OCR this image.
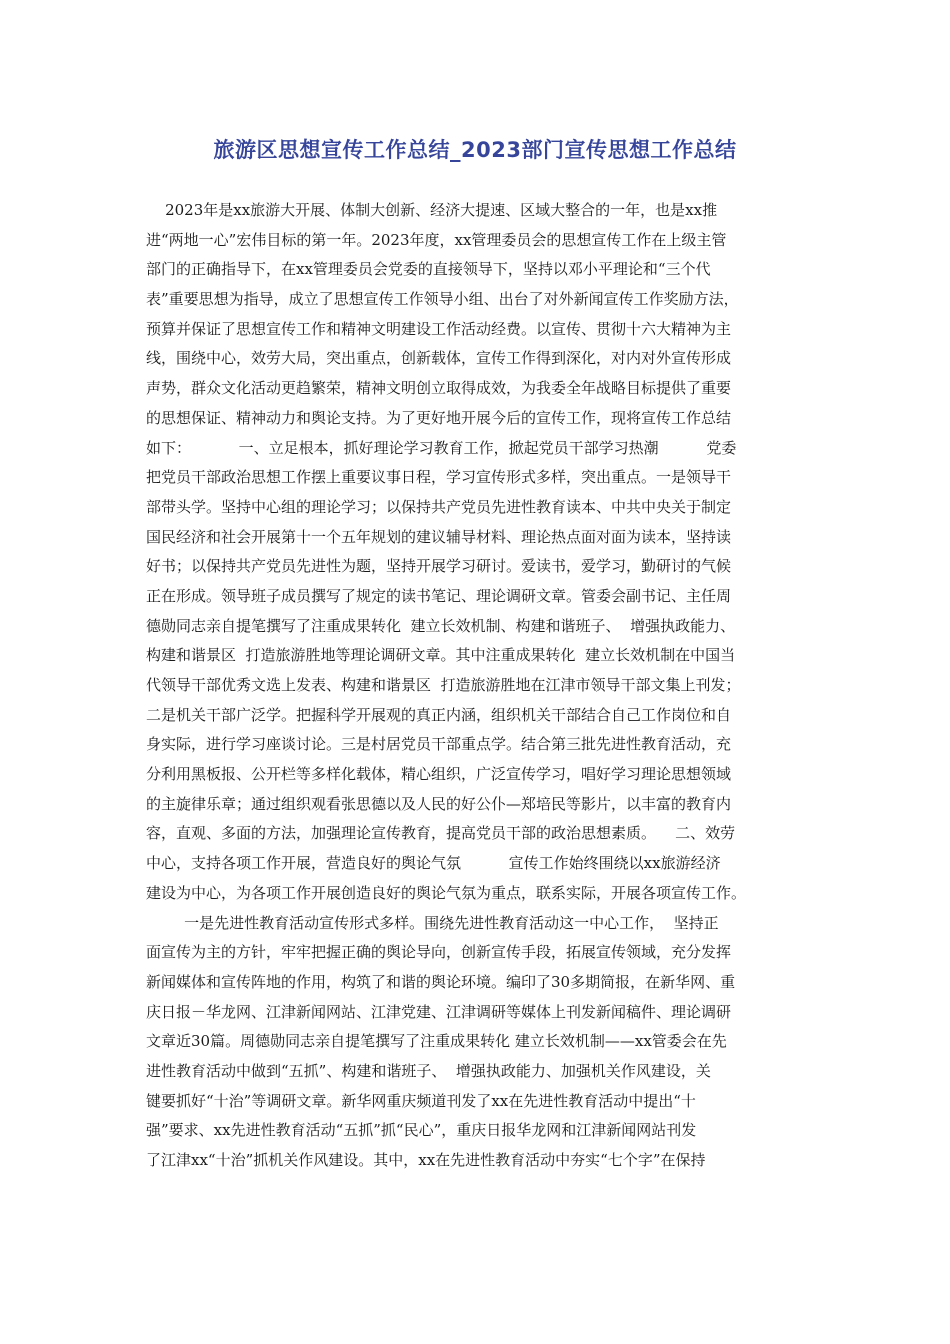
旅游区思想宣传工作总结_2023部门宣传思想工作总结
2023年是xx旅游大开展、体制大创新、经济大提速、区域大整合的一年，也是xx推
进“两地一心”宏伟目标的第一年。2023年度，xx管理委员会的思想宣传工作在上级主管
部门的正确指导下，在xx管理委员会党委的直接领导下，坚持以邓小平理论和“三个代
表”重要思想为指导，成立了思想宣传工作领导小组、出台了对外新闻宣传工作奖励方法，
预算并保证了思想宣传工作和精神文明建设工作活动经费。以宣传、贯彻十六大精神为主
线，围绕中心，效劳大局，突出重点，创新载体，宣传工作得到深化，对内对外宣传形成
声势，群众文化活动更趋繁荣，精神文明创立取得成效，为我委全年战略目标提供了重要
的思想保证、精神动力和舆论支持。为了更好地开展今后的宣传工作，现将宣传工作总结
如下：          一、立足根本，抓好理论学习教育工作，掀起党员干部学习热潮          党委
把党员干部政治思想工作摆上重要议事日程，学习宣传形式多样，突出重点。一是领导干
部带头学。坚持中心组的理论学习；以保持共产党员先进性教育读本、中共中央关于制定
国民经济和社会开展第十一个五年规划的建议辅导材料、理论热点面对面为读本，坚持读
好书；以保持共产党员先进性为题，坚持开展学习研讨。爱读书，爱学习，勤研讨的气候
正在形成。领导班子成员撰写了规定的读书笔记、理论调研文章。管委会副书记、主任周
德勋同志亲自提笔撰写了注重成果转化  建立长效机制、构建和谐班子、  增强执政能力、
构建和谐景区  打造旅游胜地等理论调研文章。其中注重成果转化  建立长效机制在中国当
代领导干部优秀文选上发表、构建和谐景区  打造旅游胜地在江津市领导干部文集上刊发；
二是机关干部广泛学。把握科学开展观的真正内涵，组织机关干部结合自己工作岗位和自
身实际，进行学习座谈讨论。三是村居党员干部重点学。结合第三批先进性教育活动，充
分利用黑板报、公开栏等多样化载体，精心组织，广泛宣传学习，唱好学习理论思想领域
的主旋律乐章；通过组织观看张思德以及人民的好公仆—郑培民等影片，以丰富的教育内
容，直观、多面的方法，加强理论宣传教育，提高党员干部的政治思想素质。    二、效劳
中心，支持各项工作开展，营造良好的舆论气氛          宣传工作始终围绕以xx旅游经济
建设为中心，为各项工作开展创造良好的舆论气氛为重点，联系实际，开展各项宣传工作。
一是先进性教育活动宣传形式多样。围绕先进性教育活动这一中心工作，  坚持正
面宣传为主的方针，牢牢把握正确的舆论导向，创新宣传手段，拓展宣传领域，充分发挥
新闻媒体和宣传阵地的作用，构筑了和谐的舆论环境。编印了30多期简报，在新华网、重
庆日报－华龙网、江津新闻网站、江津党建、江津调研等媒体上刊发新闻稿件、理论调研
文章近30篇。周德勋同志亲自提笔撰写了注重成果转化 建立长效机制——xx管委会在先
进性教育活动中做到“五抓”、构建和谐班子、  增强执政能力、加强机关作风建设，关
键要抓好“十治”等调研文章。新华网重庆频道刊发了xx在先进性教育活动中提出“十
强”要求、xx先进性教育活动“五抓”抓“民心”，重庆日报华龙网和江津新闻网站刊发
了江津xx“十治”抓机关作风建设。其中，xx在先进性教育活动中夯实“七个字”在保持
